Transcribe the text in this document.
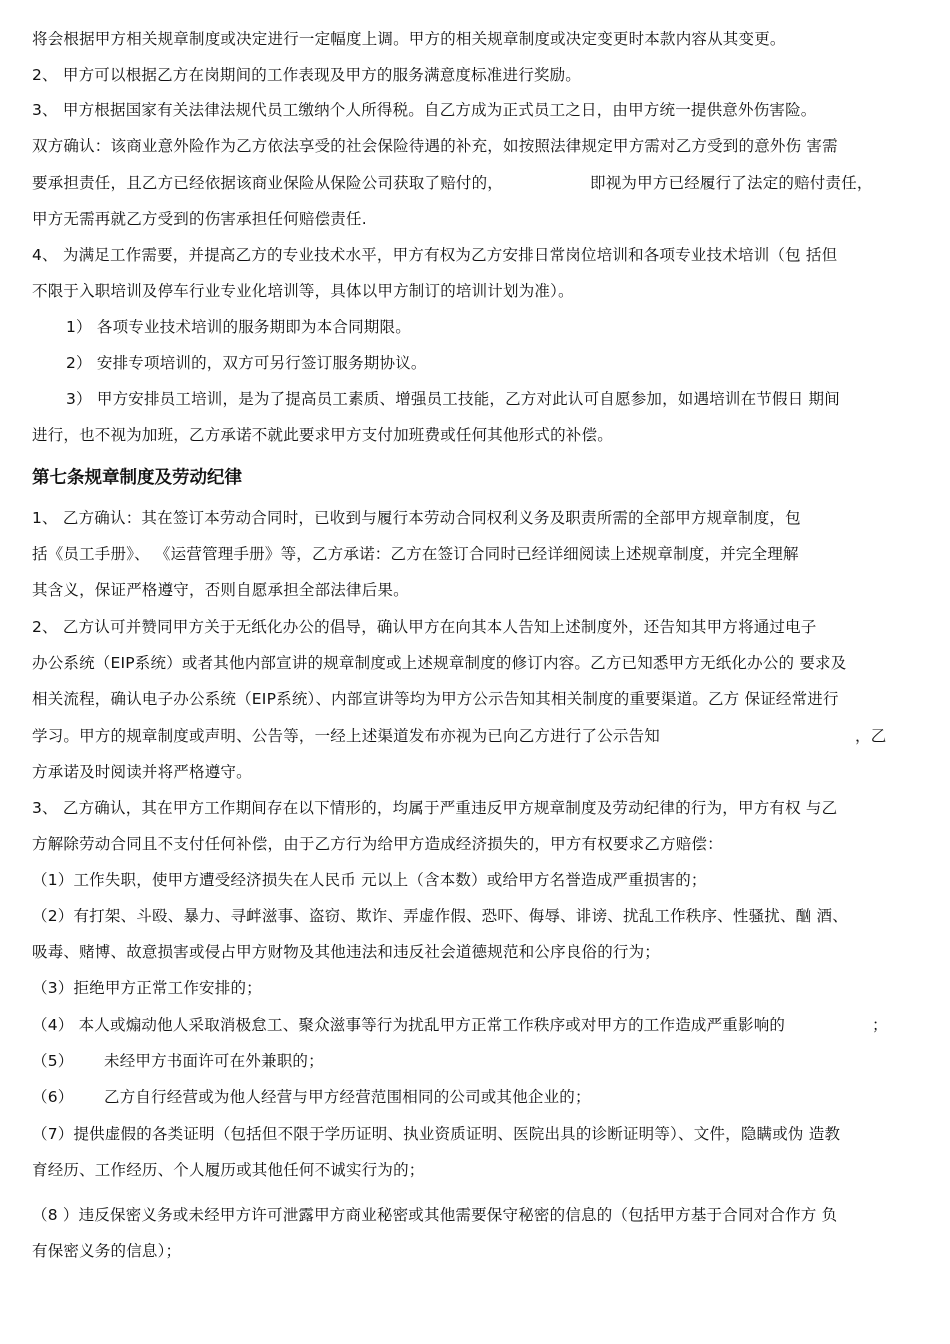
将会根据甲方相关规章制度或决定进行一定幅度上调。甲方的相关规章制度或决定变更时本款内容从其变更。
2、 甲方可以根据乙方在岗期间的工作表现及甲方的服务满意度标准进行奖励。
3、 甲方根据国家有关法律法规代员工缴纳个人所得税。自乙方成为正式员工之日，由甲方统一提供意外伤害险。
双方确认：该商业意外险作为乙方依法享受的社会保险待遇的补充，如按照法律规定甲方需对乙方受到的意外伤 害需
要承担责任，且乙方已经依据该商业保险从保险公司获取了赔付的，	即视为甲方已经履行了法定的赔付责任，
甲方无需再就乙方受到的伤害承担任何赔偿责任.
4、 为满足工作需要，并提高乙方的专业技术水平，甲方有权为乙方安排日常岗位培训和各项专业技术培训（包 括但
不限于入职培训及停车行业专业化培训等，具体以甲方制订的培训计划为准）。
1） 各项专业技术培训的服务期即为本合同期限。
2） 安排专项培训的，双方可另行签订服务期协议。
3） 甲方安排员工培训，是为了提高员工素质、增强员工技能，乙方对此认可自愿参加，如遇培训在节假日 期间
进行，也不视为加班，乙方承诺不就此要求甲方支付加班费或任何其他形式的补偿。
第七条规章制度及劳动纪律
1、 乙方确认：其在签订本劳动合同时，已收到与履行本劳动合同权利义务及职责所需的全部甲方规章制度，包
括《员工手册》、 《运营管理手册》等，乙方承诺：乙方在签订合同时已经详细阅读上述规章制度，并完全理解
其含义，保证严格遵守，否则自愿承担全部法律后果。
2、 乙方认可并赞同甲方关于无纸化办公的倡导，确认甲方在向其本人告知上述制度外，还告知其甲方将通过电子
办公系统（EIP系统）或者其他内部宣讲的规章制度或上述规章制度的修订内容。乙方已知悉甲方无纸化办公的 要求及
相关流程，确认电子办公系统（EIP系统）、内部宣讲等均为甲方公示告知其相关制度的重要渠道。乙方 保证经常进行
学习。甲方的规章制度或声明、公告等，一经上述渠道发布亦视为已向乙方进行了公示告知	，乙
方承诺及时阅读并将严格遵守。
3、 乙方确认，其在甲方工作期间存在以下情形的，均属于严重违反甲方规章制度及劳动纪律的行为，甲方有权 与乙
方解除劳动合同且不支付任何补偿，由于乙方行为给甲方造成经济损失的，甲方有权要求乙方赔偿：
（1）工作失职，使甲方遭受经济损失在人民币 元以上（含本数）或给甲方名誉造成严重损害的；
（2）有打架、斗殴、暴力、寻衅滋事、盗窃、欺诈、弄虚作假、恐吓、侮辱、诽谤、扰乱工作秩序、性骚扰、酗 酒、
吸毒、赌博、故意损害或侵占甲方财物及其他违法和违反社会道德规范和公序良俗的行为；
（3）拒绝甲方正常工作安排的；
（4） 本人或煽动他人采取消极怠工、聚众滋事等行为扰乱甲方正常工作秩序或对甲方的工作造成严重影响的	；
（5） 未经甲方书面许可在外兼职的；
（6） 乙方自行经营或为他人经营与甲方经营范围相同的公司或其他企业的；
（7）提供虚假的各类证明（包括但不限于学历证明、执业资质证明、医院出具的诊断证明等）、文件，隐瞒或伪 造教
育经历、工作经历、个人履历或其他任何不诚实行为的；
（8 ）违反保密义务或未经甲方许可泄露甲方商业秘密或其他需要保守秘密的信息的（包括甲方基于合同对合作方 负
有保密义务的信息）；
